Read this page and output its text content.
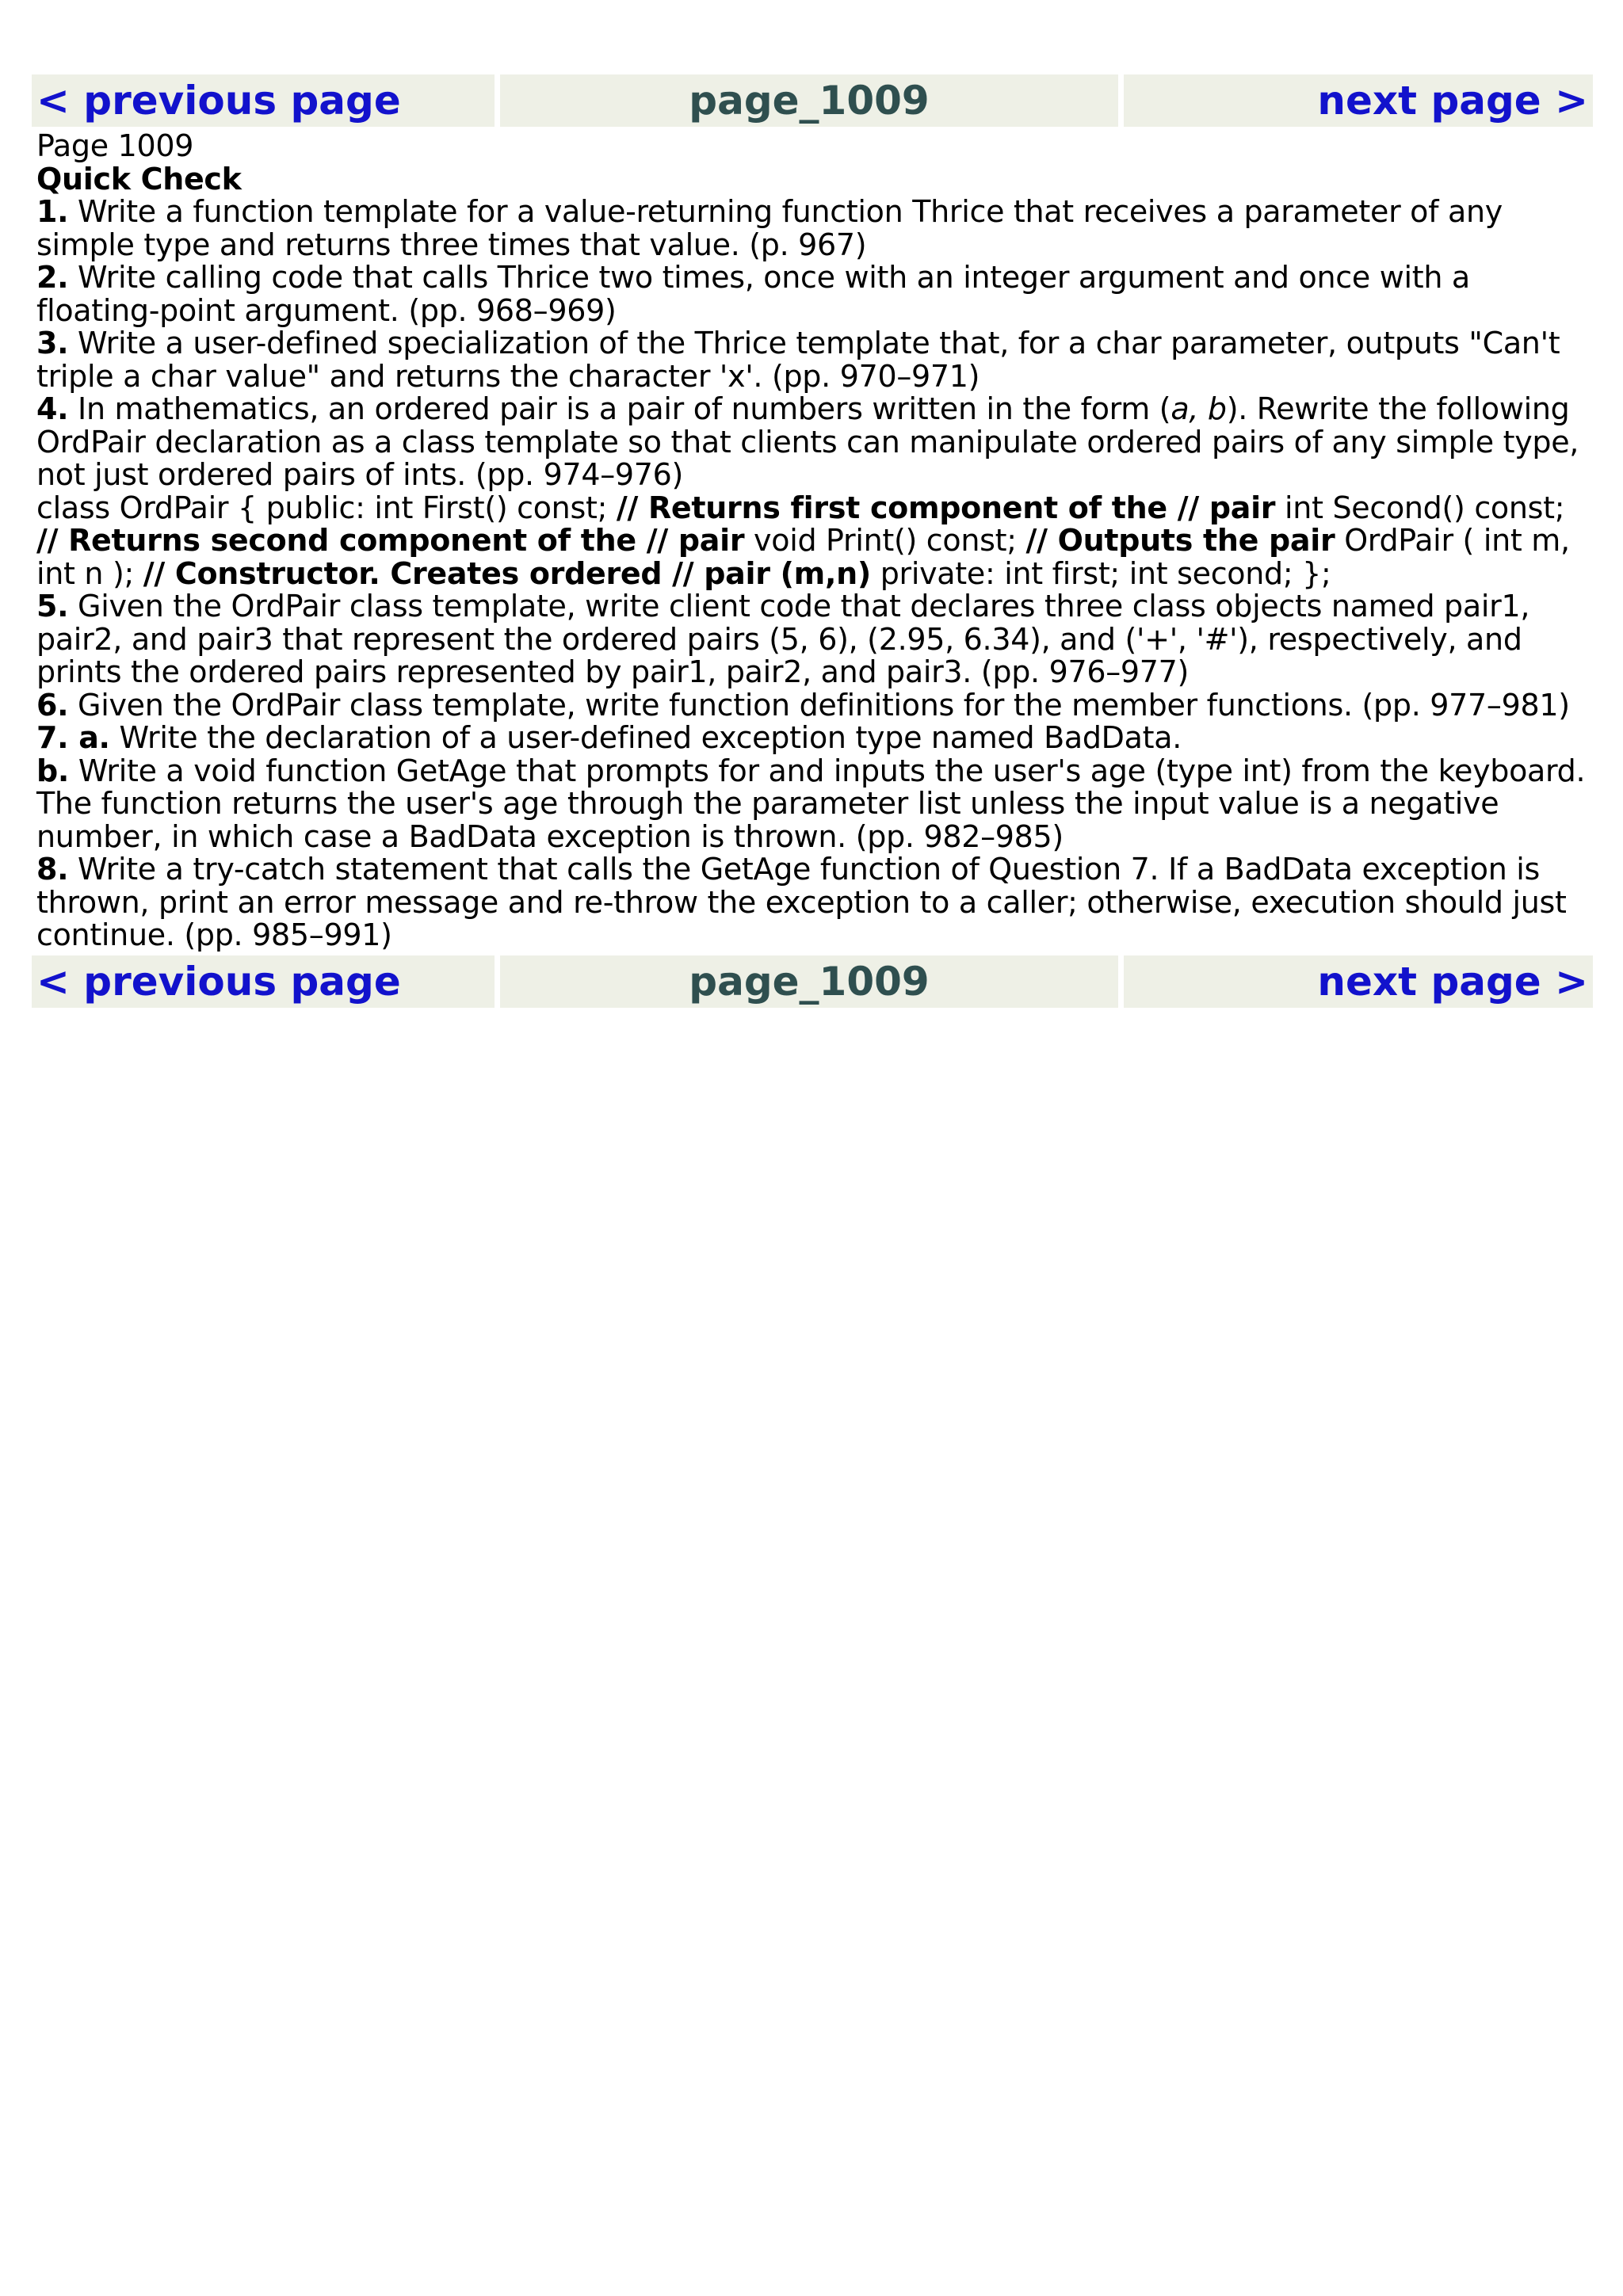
< previous page	page_1009	next page >

Page 1009

Quick Check

1. Write a function template for a value-returning function Thrice that receives a parameter of any simple type and returns three times that value. (p. 967)

2. Write calling code that calls Thrice two times, once with an integer argument and once with a floating-point argument. (pp. 968–969)

3. Write a user-defined specialization of the Thrice template that, for a char parameter, outputs "Can't triple a char value" and returns the character 'x'. (pp. 970–971)

4. In mathematics, an ordered pair is a pair of numbers written in the form (a, b). Rewrite the following OrdPair declaration as a class template so that clients can manipulate ordered pairs of any simple type, not just ordered pairs of ints. (pp. 974–976)

class OrdPair { public: int First() const; // Returns first component of the // pair int Second() const; // Returns second component of the // pair void Print() const; // Outputs the pair OrdPair ( int m, int n ); // Constructor. Creates ordered // pair (m,n) private: int first; int second; };

5. Given the OrdPair class template, write client code that declares three class objects named pair1, pair2, and pair3 that represent the ordered pairs (5, 6), (2.95, 6.34), and ('+', '#'), respectively, and prints the ordered pairs represented by pair1, pair2, and pair3. (pp. 976–977)

6. Given the OrdPair class template, write function definitions for the member functions. (pp. 977–981)

7. a. Write the declaration of a user-defined exception type named BadData.

b. Write a void function GetAge that prompts for and inputs the user's age (type int) from the keyboard. The function returns the user's age through the parameter list unless the input value is a negative number, in which case a BadData exception is thrown. (pp. 982–985)

8. Write a try-catch statement that calls the GetAge function of Question 7. If a BadData exception is thrown, print an error message and re-throw the exception to a caller; otherwise, execution should just continue. (pp. 985–991)

< previous page	page_1009	next page >
